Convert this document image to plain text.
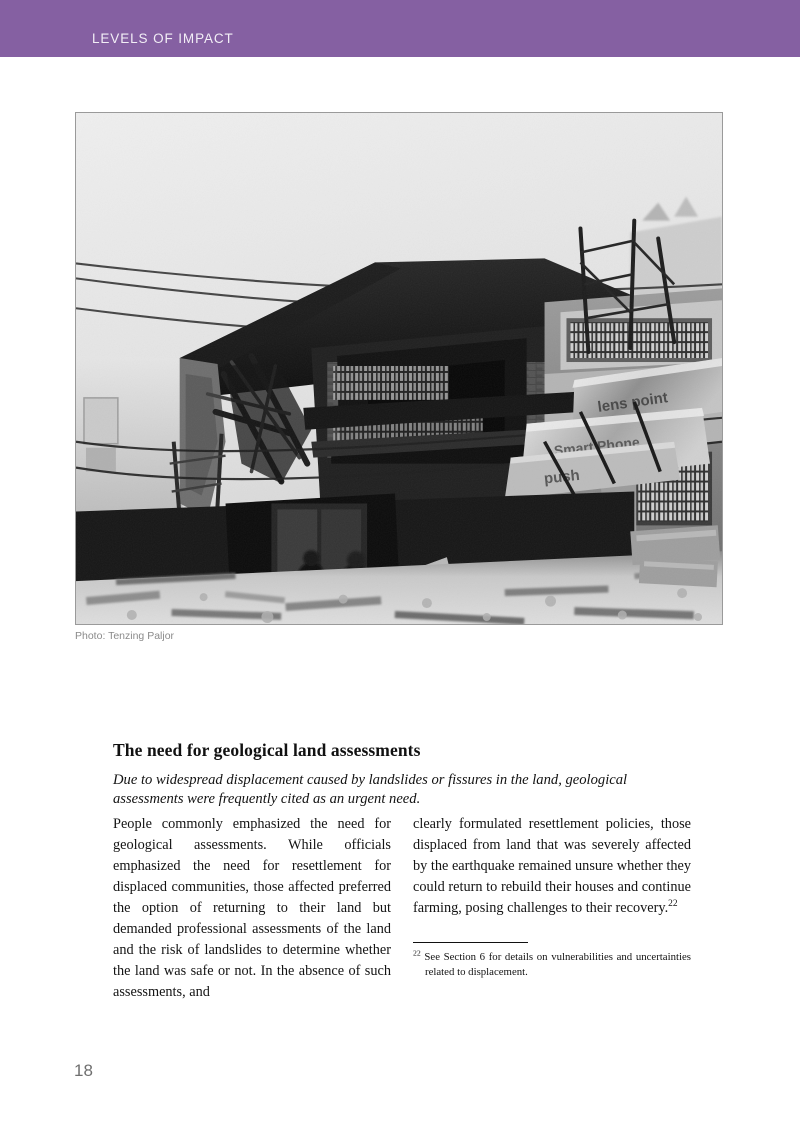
LEVELS OF IMPACT
Photo: Tenzing Paljor
The need for geological land assessments

Due to widespread displacement caused by landslides or fissures in the land, geological assessments were frequently cited as an urgent need.

People commonly emphasized the need for geological assessments. While officials emphasized the need for resettlement for displaced communities, those affected preferred the option of returning to their land but demanded professional assessments of the land and the risk of landslides to determine whether the land was safe or not. In the absence of such assessments, and

clearly formulated resettlement policies, those displaced from land that was severely affected by the earthquake remained unsure whether they could return to rebuild their houses and continue farming, posing challenges to their recovery.$^{22}$

$^{22}$ See Section 6 for details on vulnerabilities and uncertainties related to displacement.

18
